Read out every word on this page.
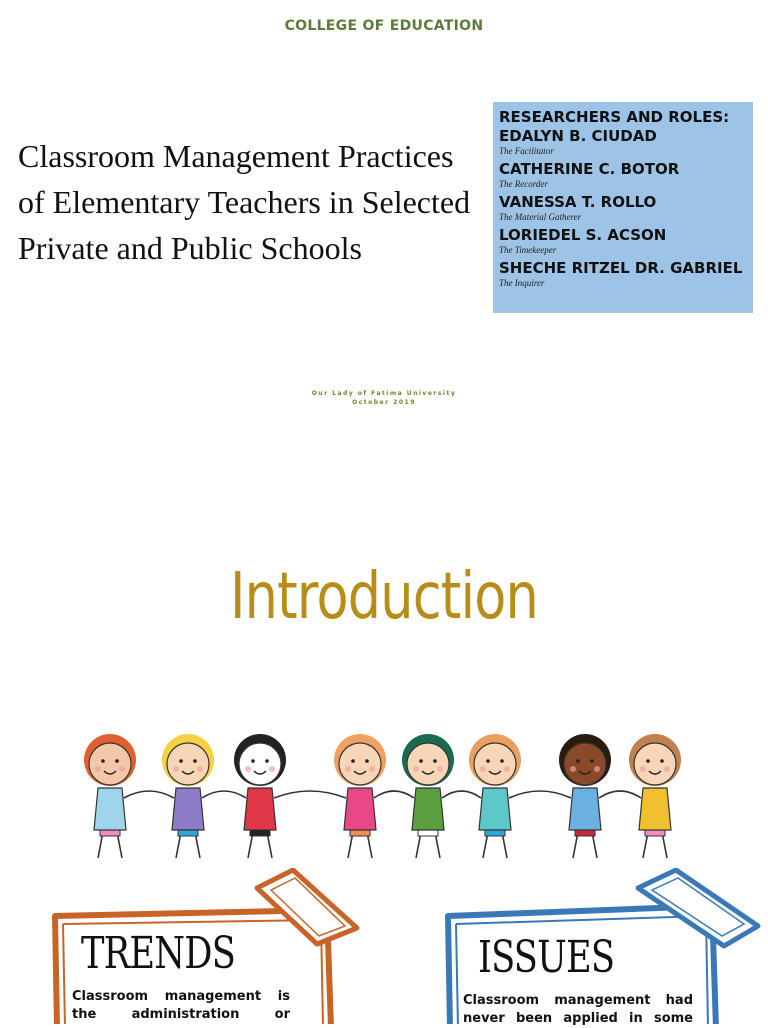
COLLEGE OF EDUCATION
Classroom Management Practices of Elementary Teachers in Selected Private and Public Schools
RESEARCHERS AND ROLES:
EDALYN B. CIUDAD
The Facilitator
CATHERINE C. BOTOR
The Recorder
VANESSA T. ROLLO
The Material Gatherer
LORIEDEL S. ACSON
The Timekeeper
SHECHE RITZEL DR. GABRIEL
The Inquirer
Our Lady of Fatima University
October 2019
Introduction
TRENDS
Classroom management is
the administration or
ISSUES
Classroom management had
never been applied in some
